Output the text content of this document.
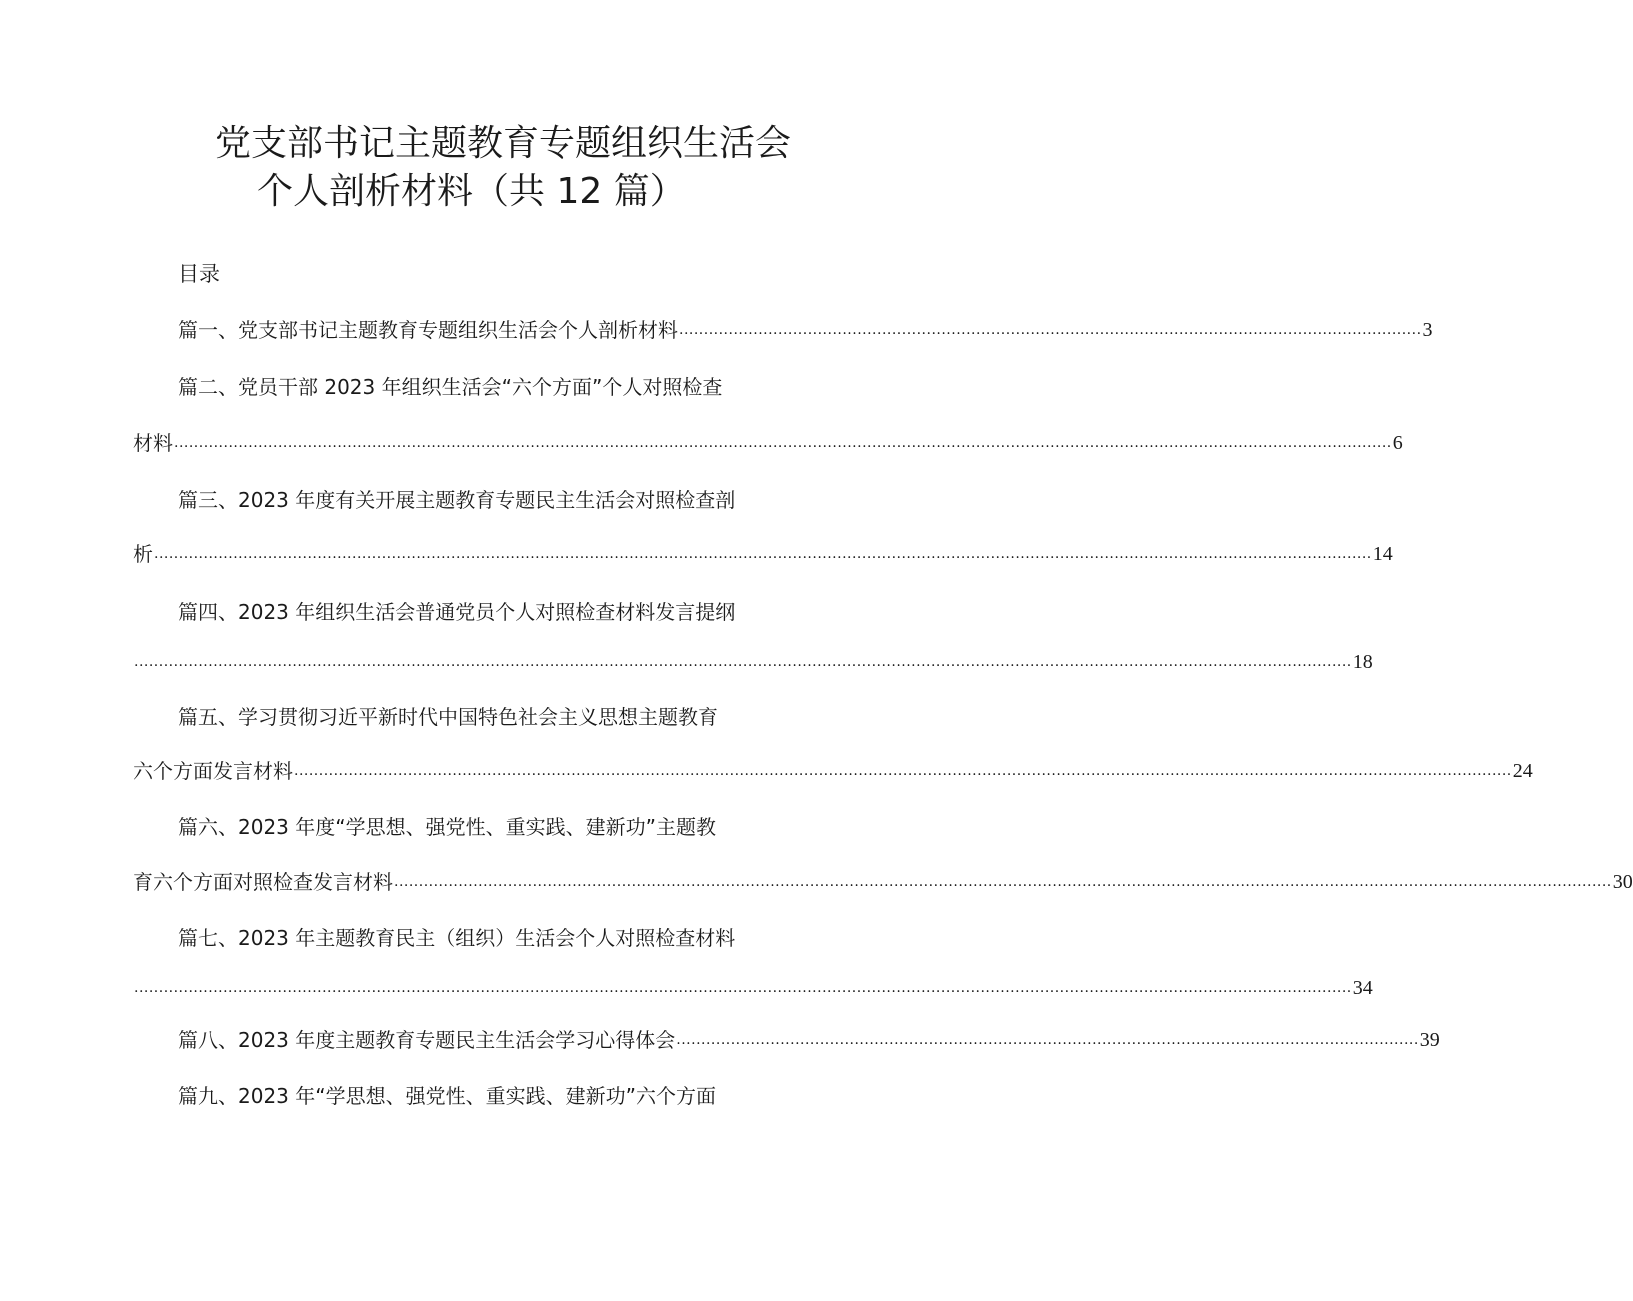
党支部书记主题教育专题组织生活会
个人剖析材料（共 12 篇）
目录
篇一、党支部书记主题教育专题组织生活会个人剖析材料 ...................................................................................................................................................... 3
篇二、党员干部 2023 年组织生活会“六个方面”个人对照检查
材料 ...................................................................................................................................................................................................................................................... 6
篇三、2023 年度有关开展主题教育专题民主生活会对照检查剖
析 ...................................................................................................................................................................................................................................................... 14
篇四、2023 年组织生活会普通党员个人对照检查材料发言提纲
...................................................................................................................................................................................................................................................... 18
篇五、学习贯彻习近平新时代中国特色社会主义思想主题教育
六个方面发言材料 ...................................................................................................................................................................................................................................................... 24
篇六、2023 年度“学思想、强党性、重实践、建新功”主题教
育六个方面对照检查发言材料 ...................................................................................................................................................................................................................................................... 30
篇七、2023 年主题教育民主（组织）生活会个人对照检查材料
...................................................................................................................................................................................................................................................... 34
篇八、2023 年度主题教育专题民主生活会学习心得体会 ...................................................................................................................................................... 39
篇九、2023 年“学思想、强党性、重实践、建新功”六个方面
